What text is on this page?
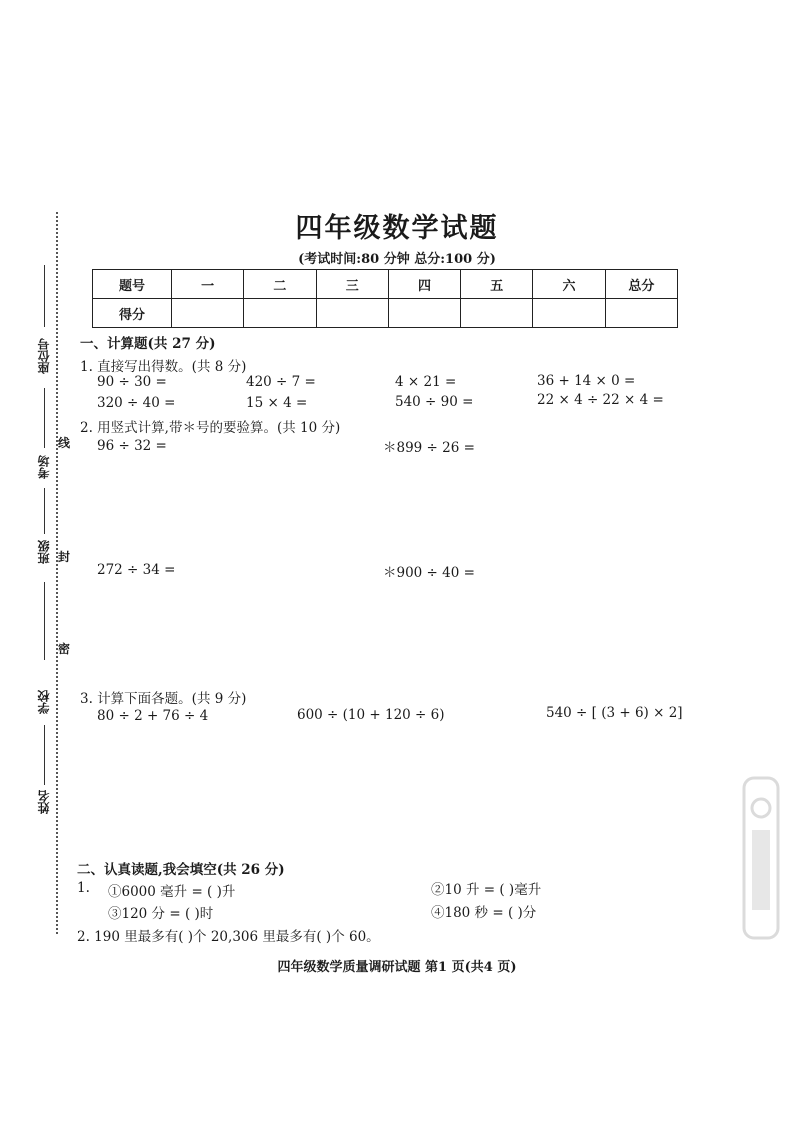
四年级数学试题
(考试时间:80 分钟 总分:100 分)
题号	一	二	三	四	五	六	总分
得分							
座位号
线
考场
班级 封
密
学校
姓名
一、计算题(共 27 分)
1. 直接写出得数。(共 8 分)
90 ÷ 30 =	420 ÷ 7 =	4 × 21 =	36 + 14 × 0 =
320 ÷ 40 =	15 × 4 =	540 ÷ 90 =	22 × 4 ÷ 22 × 4 =
2. 用竖式计算,带＊号的要验算。(共 10 分)
96 ÷ 32 =	＊899 ÷ 26 =
272 ÷ 34 =	＊900 ÷ 40 =
3. 计算下面各题。(共 9 分)
80 ÷ 2 + 76 ÷ 4	600 ÷ (10 + 120 ÷ 6)	540 ÷ [ (3 + 6) × 2]
二、认真读题,我会填空(共 26 分)
1. ①6000 毫升 = ( )升	②10 升 = ( )毫升
③120 分 = ( )时	④180 秒 = ( )分
2. 190 里最多有( )个 20,306 里最多有( )个 60。
四年级数学质量调研试题 第1 页(共4 页)
